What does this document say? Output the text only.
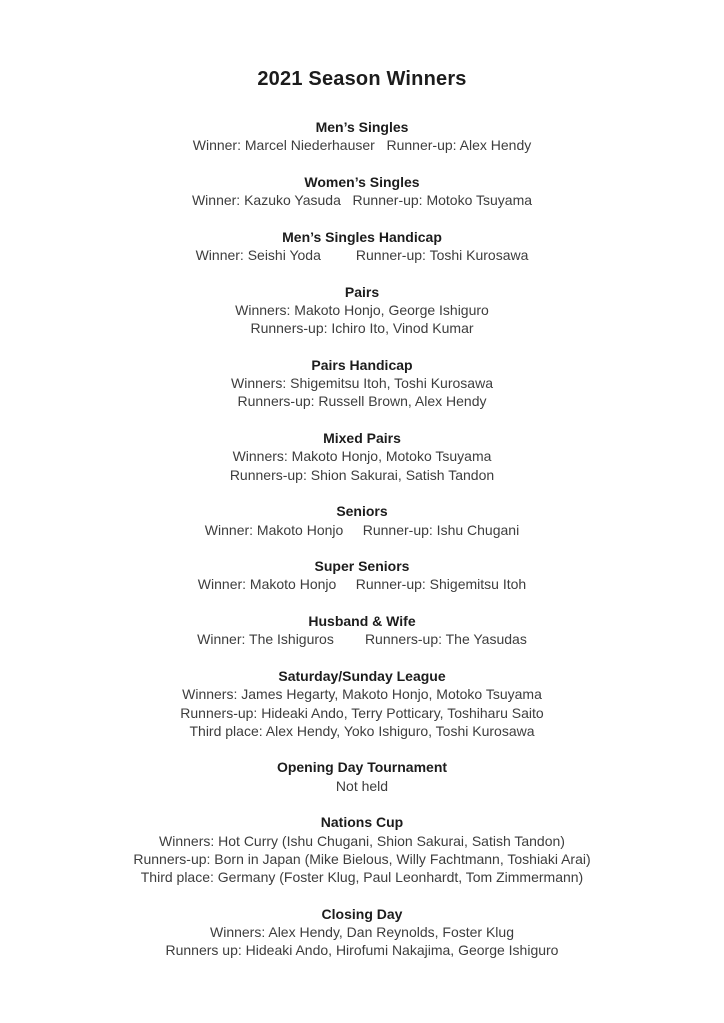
2021 Season Winners
Men’s Singles

Winner: Marcel Niederhauser   Runner-up: Alex Hendy

Women’s Singles

Winner: Kazuko Yasuda   Runner-up: Motoko Tsuyama

Men’s Singles Handicap

Winner: Seishi Yoda         Runner-up: Toshi Kurosawa

Pairs

Winners: Makoto Honjo, George Ishiguro

Runners-up: Ichiro Ito, Vinod Kumar

Pairs Handicap

Winners: Shigemitsu Itoh, Toshi Kurosawa

Runners-up: Russell Brown, Alex Hendy

Mixed Pairs

Winners: Makoto Honjo, Motoko Tsuyama

Runners-up: Shion Sakurai, Satish Tandon

Seniors

Winner: Makoto Honjo     Runner-up: Ishu Chugani

Super Seniors

Winner: Makoto Honjo     Runner-up: Shigemitsu Itoh

Husband & Wife

Winner: The Ishiguros        Runners-up: The Yasudas

Saturday/Sunday League

Winners: James Hegarty, Makoto Honjo, Motoko Tsuyama

Runners-up: Hideaki Ando, Terry Potticary, Toshiharu Saito

Third place: Alex Hendy, Yoko Ishiguro, Toshi Kurosawa

Opening Day Tournament

Not held

Nations Cup

Winners: Hot Curry (Ishu Chugani, Shion Sakurai, Satish Tandon)

Runners-up: Born in Japan (Mike Bielous, Willy Fachtmann, Toshiaki Arai)

Third place: Germany (Foster Klug, Paul Leonhardt, Tom Zimmermann)

Closing Day

Winners: Alex Hendy, Dan Reynolds, Foster Klug

Runners up: Hideaki Ando, Hirofumi Nakajima, George Ishiguro
